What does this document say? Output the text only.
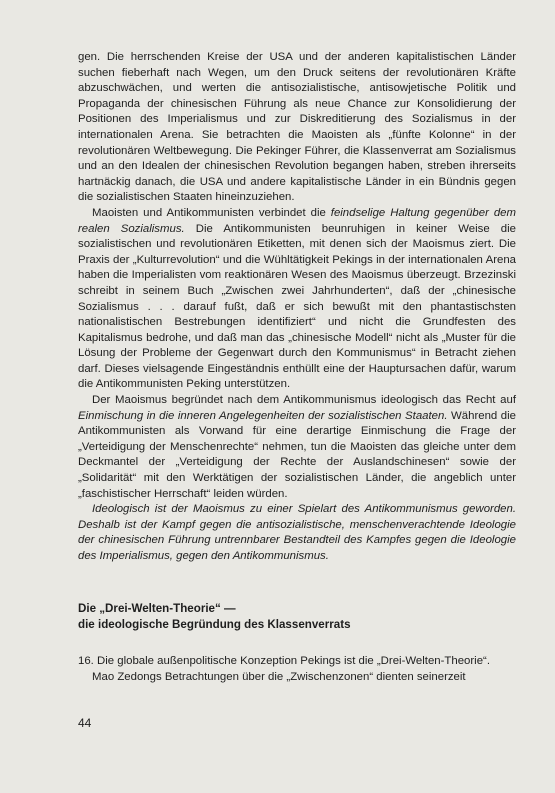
gen. Die herrschenden Kreise der USA und der anderen kapitalistischen Länder suchen fieberhaft nach Wegen, um den Druck seitens der revolutionären Kräfte abzuschwächen, und werten die antisozialistische, antisowjetische Politik und Propaganda der chinesischen Führung als neue Chance zur Konsolidierung der Positionen des Imperialismus und zur Diskreditierung des Sozialismus in der internationalen Arena. Sie betrachten die Maoisten als „fünfte Kolonne“ in der revolutionären Weltbewegung. Die Pekinger Führer, die Klassenverrat am Sozialismus und an den Idealen der chinesischen Revolution begangen haben, streben ihrerseits hartnäckig danach, die USA und andere kapitalistische Länder in ein Bündnis gegen die sozialistischen Staaten hineinzuziehen.

Maoisten und Antikommunisten verbindet die feindselige Haltung gegenüber dem realen Sozialismus. Die Antikommunisten beunruhigen in keiner Weise die sozialistischen und revolutionären Etiketten, mit denen sich der Maoismus ziert. Die Praxis der „Kulturrevolution“ und die Wühltätigkeit Pekings in der internationalen Arena haben die Imperialisten vom reaktionären Wesen des Maoismus überzeugt. Brzezinski schreibt in seinem Buch „Zwischen zwei Jahrhunderten“, daß der „chinesische Sozialismus . . . darauf fußt, daß er sich bewußt mit den phantastischsten nationalistischen Bestrebungen identifiziert“ und nicht die Grundfesten des Kapitalismus bedrohe, und daß man das „chinesische Modell“ nicht als „Muster für die Lösung der Probleme der Gegenwart durch den Kommunismus“ in Betracht ziehen darf. Dieses vielsagende Eingeständnis enthüllt eine der Hauptursachen dafür, warum die Antikommunisten Peking unterstützen.

Der Maoismus begründet nach dem Antikommunismus ideologisch das Recht auf Einmischung in die inneren Angelegenheiten der sozialistischen Staaten. Während die Antikommunisten als Vorwand für eine derartige Einmischung die Frage der „Verteidigung der Menschenrechte“ nehmen, tun die Maoisten das gleiche unter dem Deckmantel der „Verteidigung der Rechte der Auslandschinesen“ sowie der „Solidarität“ mit den Werktätigen der sozialistischen Länder, die angeblich unter „faschistischer Herrschaft“ leiden würden.

Ideologisch ist der Maoismus zu einer Spielart des Antikommunismus geworden. Deshalb ist der Kampf gegen die antisozialistische, menschenverachtende Ideologie der chinesischen Führung untrennbarer Bestandteil des Kampfes gegen die Ideologie des Imperialismus, gegen den Antikommunismus.

Die „Drei-Welten-Theorie“ —
die ideologische Begründung des Klassenverrats

16. Die globale außenpolitische Konzeption Pekings ist die „Drei-Welten-Theorie“.

Mao Zedongs Betrachtungen über die „Zwischenzonen“ dienten seinerzeit

44
